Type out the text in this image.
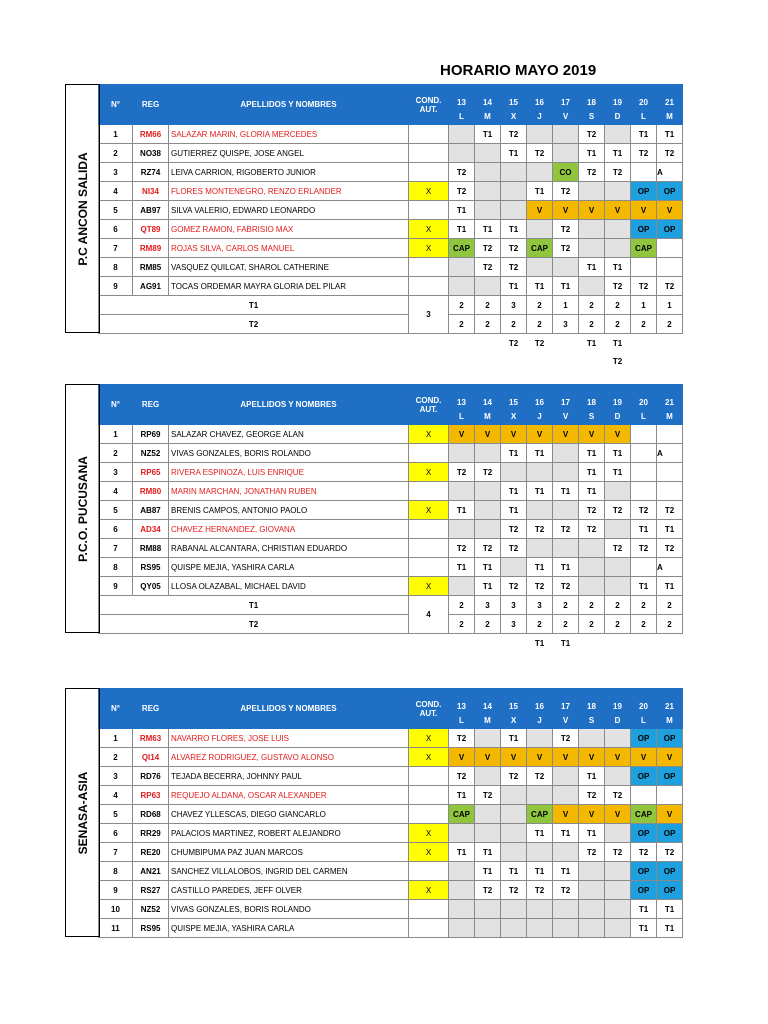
HORARIO MAYO 2019
N°	REG	APELLIDOS Y NOMBRES	COND. AUT.	13	14	15	16	17	18	19	20	21
				L	M	X	J	V	S	D	L	M
1	RM66	SALAZAR MARIN, GLORIA MERCEDES			T1	T2			T2		T1	T1
2	NO38	GUTIERREZ QUISPE, JOSE ANGEL				T1	T2		T1	T1	T2	T2
3	RZ74	LEIVA CARRION, RIGOBERTO JUNIOR		T2				CO	T2	T2		A
4	NI34	FLORES MONTENEGRO, RENZO ERLANDER	X	T2			T1	T2			OP	OP
5	AB97	SILVA VALERIO, EDWARD LEONARDO		T1			V	V	V	V	V	V
6	QT89	GOMEZ RAMON, FABRISIO MAX	X	T1	T1	T1		T2			OP	OP
7	RM89	ROJAS SILVA, CARLOS MANUEL	X	CAP	T2	T2	CAP	T2			CAP	
8	RM85	VASQUEZ QUILCAT, SHAROL CATHERINE			T2	T2			T1	T1		
9	AG91	TOCAS ORDEMAR MAYRA GLORIA DEL PILAR				T1	T1	T1		T2	T2	T2
T1			3	2	2	3	2	1	2	2	1	1
T2				2	2	2	2	3	2	2	2	2
						T2	T2		T1	T1		
										T2		
P.C ANCON SALIDA
N°	REG	APELLIDOS Y NOMBRES	COND. AUT.	13	14	15	16	17	18	19	20	21
				L	M	X	J	V	S	D	L	M
1	RP69	SALAZAR CHAVEZ, GEORGE ALAN	X	V	V	V	V	V	V	V		
2	NZ52	VIVAS GONZALES, BORIS ROLANDO				T1	T1		T1	T1		A
3	RP65	RIVERA ESPINOZA, LUIS ENRIQUE	X	T2	T2				T1	T1		
4	RM80	MARIN MARCHAN, JONATHAN RUBEN				T1	T1	T1	T1			
5	AB87	BRENIS CAMPOS, ANTONIO PAOLO	X	T1		T1			T2	T2	T2	T2
6	AD34	CHAVEZ HERNANDEZ, GIOVANA				T2	T2	T2	T2		T1	T1
7	RM88	RABANAL ALCANTARA, CHRISTIAN EDUARDO		T2	T2	T2				T2	T2	T2
8	RS95	QUISPE MEJIA, YASHIRA CARLA		T1	T1		T1	T1				A
9	QY05	LLOSA OLAZABAL, MICHAEL DAVID	X		T1	T2	T2	T2			T1	T1
T1			4	2	3	3	3	2	2	2	2	2
T2				2	2	3	2	2	2	2	2	2
							T1	T1				
P.C.O. PUCUSANA
N°	REG	APELLIDOS Y NOMBRES	COND. AUT.	13	14	15	16	17	18	19	20	21
				L	M	X	J	V	S	D	L	M
1	RM63	NAVARRO FLORES, JOSE LUIS	X	T2		T1		T2			OP	OP
2	QI14	ALVAREZ RODRIGUEZ, GUSTAVO ALONSO	X	V	V	V	V	V	V	V	V	V
3	RD76	TEJADA BECERRA, JOHNNY PAUL		T2		T2	T2		T1		OP	OP
4	RP63	REQUEJO ALDANA, OSCAR ALEXANDER		T1	T2				T2	T2		
5	RD68	CHAVEZ YLLESCAS, DIEGO GIANCARLO		CAP			CAP	V	V	V	CAP	V
6	RR29	PALACIOS MARTINEZ, ROBERT ALEJANDRO	X				T1	T1	T1		OP	OP
7	RE20	CHUMBIPUMA PAZ JUAN MARCOS	X	T1	T1				T2	T2	T2	T2
8	AN21	SANCHEZ VILLALOBOS, INGRID DEL CARMEN			T1	T1	T1	T1			OP	OP
9	RS27	CASTILLO PAREDES, JEFF OLVER	X		T2	T2	T2	T2			OP	OP
10	NZ52	VIVAS GONZALES, BORIS ROLANDO									T1	T1
11	RS95	QUISPE MEJIA, YASHIRA CARLA									T1	T1
SENASA-ASIA
